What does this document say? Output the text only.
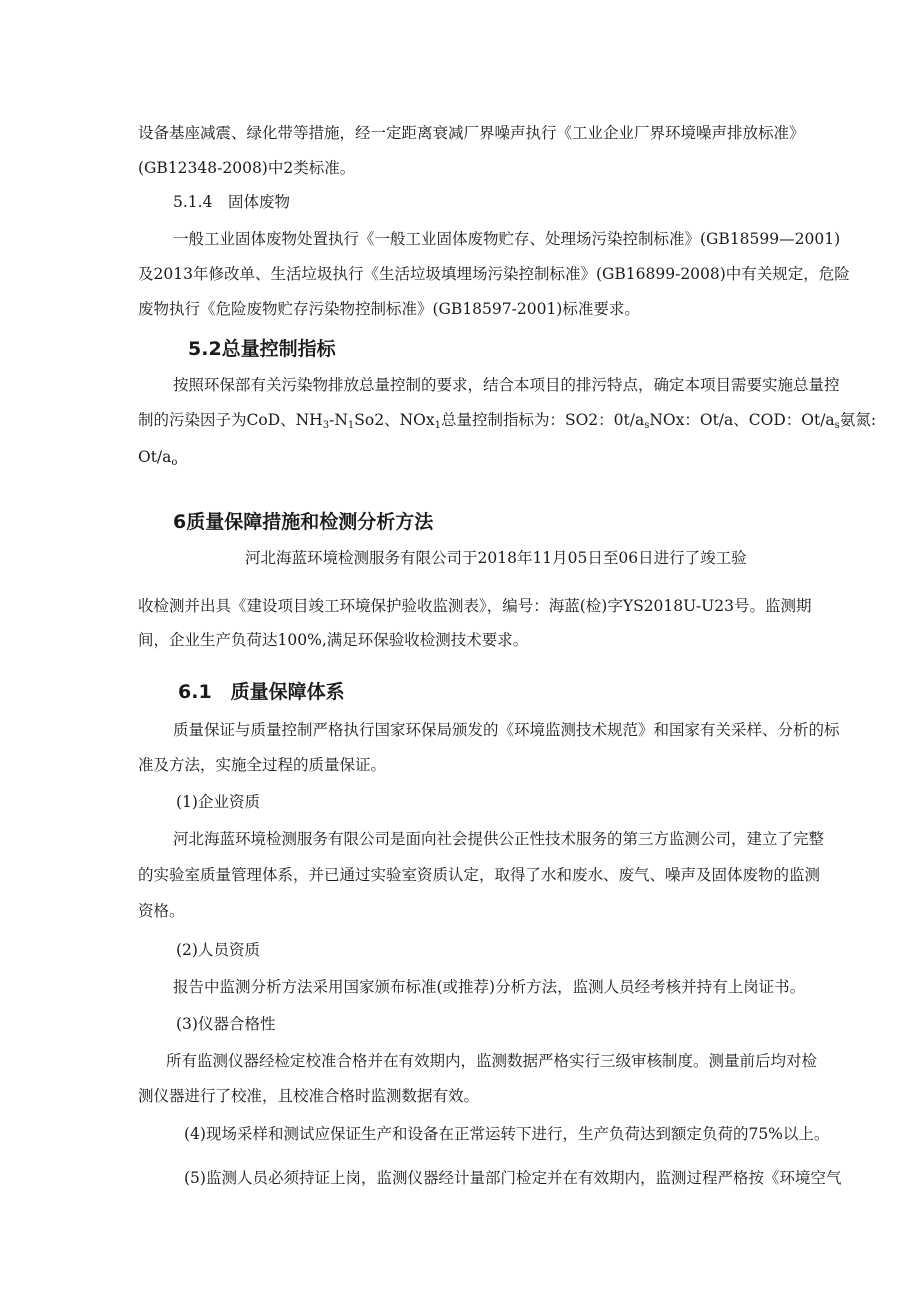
设备基座减震、绿化带等措施，经一定距离衰减厂界噪声执行《工业企业厂界环境噪声排放标准》
(GB12348-2008)中2类标准。
5.1.4　固体废物
一般工业固体废物处置执行《一般工业固体废物贮存、处理场污染控制标准》(GB18599—2001)
及2013年修改单、生活垃圾执行《生活垃圾填埋场污染控制标准》(GB16899-2008)中有关规定，危险
废物执行《危险废物贮存污染物控制标准》(GB18597-2001)标准要求。
5.2总量控制指标
按照环保部有关污染物排放总量控制的要求，结合本项目的排污特点，确定本项目需要实施总量控
制的污染因子为CoD、$NH_3-N_1So2$、NOx$_1$总量控制指标为：SO2：$0t/a_sNOx$：Ot/a、COD：$Ot/a_s$氨氮:
$Ot/a_o$
6质量保障措施和检测分析方法
河北海蓝环境检测服务有限公司于2018年11月05日至06日进行了竣工验
收检测并出具《建设项目竣工环境保护验收监测表》，编号：海蓝(检)字YS2018U-U23号。监测期
间，企业生产负荷达100%,满足环保验收检测技术要求。
6.1　质量保障体系
质量保证与质量控制严格执行国家环保局颁发的《环境监测技术规范》和国家有关采样、分析的标
准及方法，实施全过程的质量保证。
(1)企业资质
河北海蓝环境检测服务有限公司是面向社会提供公正性技术服务的第三方监测公司，建立了完整
的实验室质量管理体系，并已通过实验室资质认定，取得了水和废水、废气、噪声及固体废物的监测
资格。
(2)人员资质
报告中监测分析方法采用国家颁布标准(或推荐)分析方法，监测人员经考核并持有上岗证书。
(3)仪器合格性
所有监测仪器经检定校准合格并在有效期内，监测数据严格实行三级审核制度。测量前后均对检
测仪器进行了校准，且校准合格时监测数据有效。
(4)现场采样和测试应保证生产和设备在正常运转下进行，生产负荷达到额定负荷的75%以上。
(5)监测人员必须持证上岗，监测仪器经计量部门检定并在有效期内，监测过程严格按《环境空气
